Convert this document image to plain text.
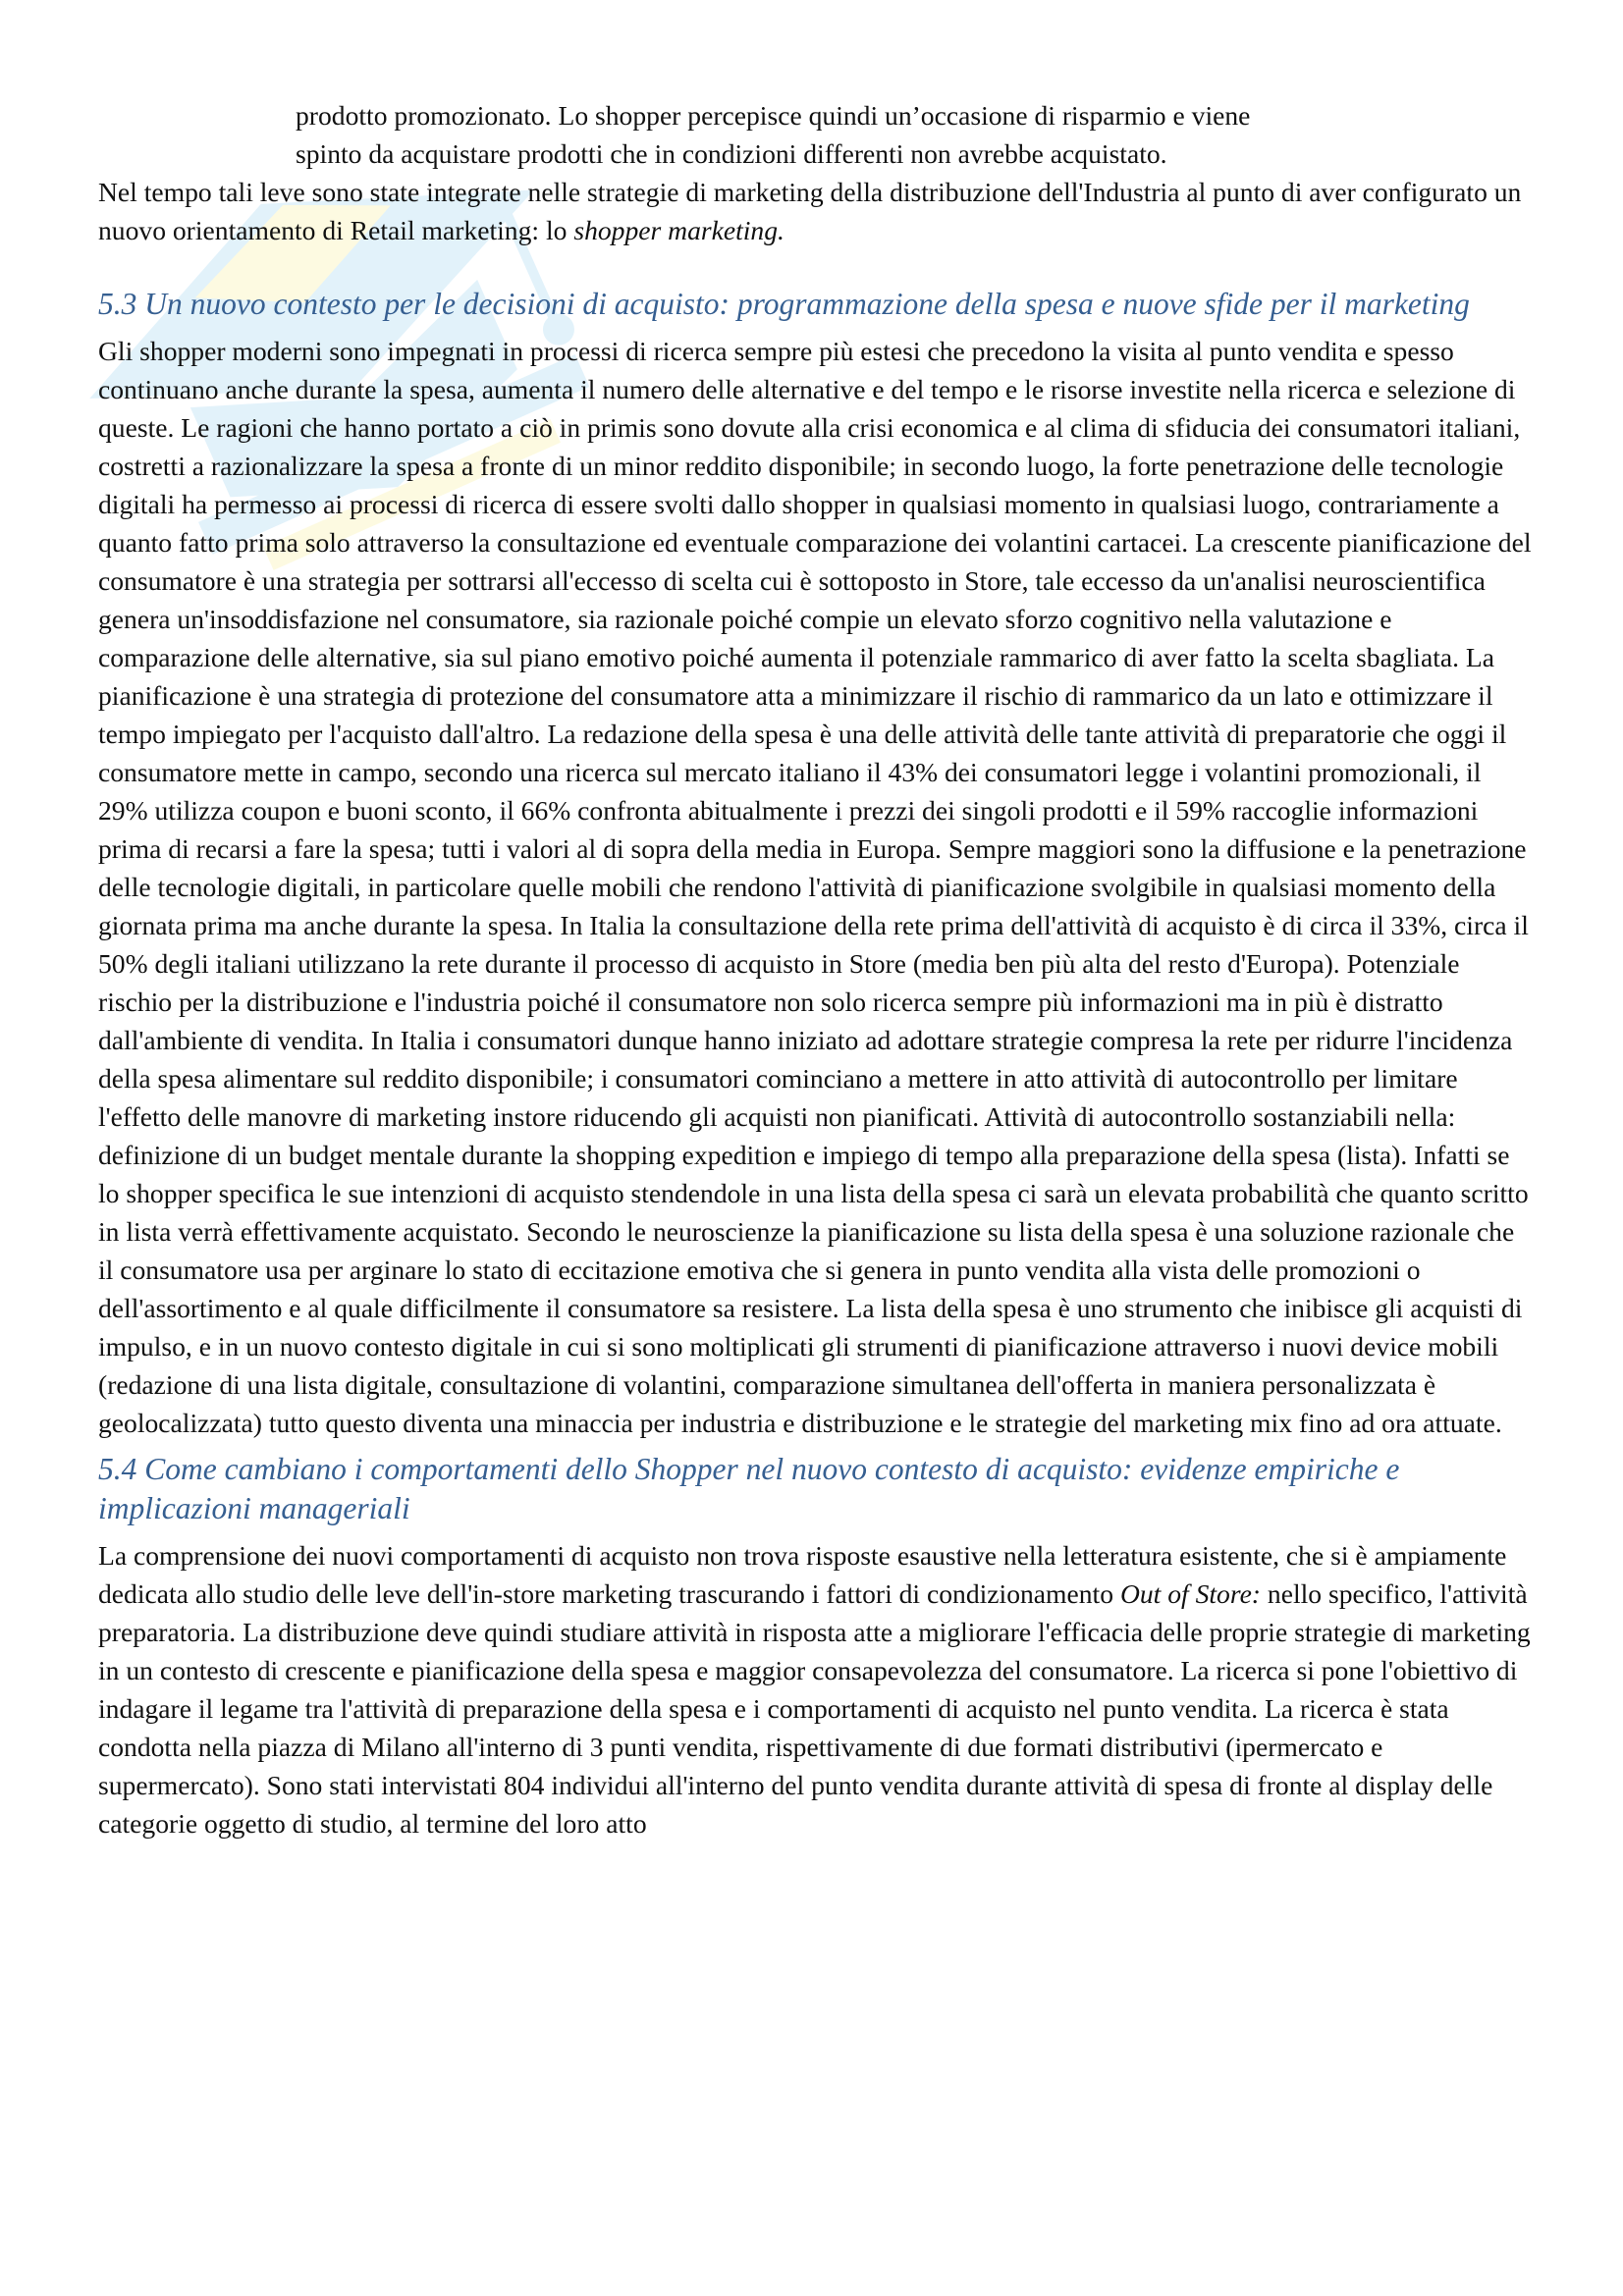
prodotto promozionato. Lo shopper percepisce quindi un’occasione di risparmio e viene

spinto da acquistare prodotti che in condizioni differenti non avrebbe acquistato.

Nel tempo tali leve sono state integrate nelle strategie di marketing della distribuzione dell'Industria al punto di aver configurato un nuovo orientamento di Retail marketing: lo shopper marketing.

5.3 Un nuovo contesto per le decisioni di acquisto: programmazione della spesa e nuove sfide per il marketing

Gli shopper moderni sono impegnati in processi di ricerca sempre più estesi che precedono la visita al punto vendita e spesso continuano anche durante la spesa, aumenta il numero delle alternative e del tempo e le risorse investite nella ricerca e selezione di queste. Le ragioni che hanno portato a ciò in primis sono dovute alla crisi economica e al clima di sfiducia dei consumatori italiani, costretti a razionalizzare la spesa a fronte di un minor reddito disponibile; in secondo luogo, la forte penetrazione delle tecnologie digitali ha permesso ai processi di ricerca di essere svolti dallo shopper in qualsiasi momento in qualsiasi luogo, contrariamente a quanto fatto prima solo attraverso la consultazione ed eventuale comparazione dei volantini cartacei. La crescente pianificazione del consumatore è una strategia per sottrarsi all'eccesso di scelta cui è sottoposto in Store, tale eccesso da un'analisi neuroscientifica genera un'insoddisfazione nel consumatore, sia razionale poiché compie un elevato sforzo cognitivo nella valutazione e comparazione delle alternative, sia sul piano emotivo poiché aumenta il potenziale rammarico di aver fatto la scelta sbagliata. La pianificazione è una strategia di protezione del consumatore atta a minimizzare il rischio di rammarico da un lato e ottimizzare il tempo impiegato per l'acquisto dall'altro. La redazione della spesa è una delle attività delle tante attività di preparatorie che oggi il consumatore mette in campo, secondo una ricerca sul mercato italiano il 43% dei consumatori legge i volantini promozionali, il 29% utilizza coupon e buoni sconto, il 66% confronta abitualmente i prezzi dei singoli prodotti e il 59% raccoglie informazioni prima di recarsi a fare la spesa; tutti i valori al di sopra della media in Europa. Sempre maggiori sono la diffusione e la penetrazione delle tecnologie digitali, in particolare quelle mobili che rendono l'attività di pianificazione svolgibile in qualsiasi momento della giornata prima ma anche durante la spesa. In Italia la consultazione della rete prima dell'attività di acquisto è di circa il 33%, circa il 50% degli italiani utilizzano la rete durante il processo di acquisto in Store (media ben più alta del resto d'Europa). Potenziale rischio per la distribuzione e l'industria poiché il consumatore non solo ricerca sempre più informazioni ma in più è distratto dall'ambiente di vendita. In Italia i consumatori dunque hanno iniziato ad adottare strategie compresa la rete per ridurre l'incidenza della spesa alimentare sul reddito disponibile; i consumatori cominciano a mettere in atto attività di autocontrollo per limitare l'effetto delle manovre di marketing instore riducendo gli acquisti non pianificati. Attività di autocontrollo sostanziabili nella: definizione di un budget mentale durante la shopping expedition e impiego di tempo alla preparazione della spesa (lista). Infatti se lo shopper specifica le sue intenzioni di acquisto stendendole in una lista della spesa ci sarà un elevata probabilità che quanto scritto in lista verrà effettivamente acquistato. Secondo le neuroscienze la pianificazione su lista della spesa è una soluzione razionale che il consumatore usa per arginare lo stato di eccitazione emotiva che si genera in punto vendita alla vista delle promozioni o dell'assortimento e al quale difficilmente il consumatore sa resistere. La lista della spesa è uno strumento che inibisce gli acquisti di impulso, e in un nuovo contesto digitale in cui si sono moltiplicati gli strumenti di pianificazione attraverso i nuovi device mobili (redazione di una lista digitale, consultazione di volantini, comparazione simultanea dell'offerta in maniera personalizzata è geolocalizzata) tutto questo diventa una minaccia per industria e distribuzione e le strategie del marketing mix fino ad ora attuate.

5.4 Come cambiano i comportamenti dello Shopper nel nuovo contesto di acquisto: evidenze empiriche e implicazioni manageriali

La comprensione dei nuovi comportamenti di acquisto non trova risposte esaustive nella letteratura esistente, che si è ampiamente dedicata allo studio delle leve dell'in-store marketing trascurando i fattori di condizionamento Out of Store: nello specifico, l'attività preparatoria. La distribuzione deve quindi studiare attività in risposta atte a migliorare l'efficacia delle proprie strategie di marketing in un contesto di crescente e pianificazione della spesa e maggior consapevolezza del consumatore. La ricerca si pone l'obiettivo di indagare il legame tra l'attività di preparazione della spesa e i comportamenti di acquisto nel punto vendita. La ricerca è stata condotta nella piazza di Milano all'interno di 3 punti vendita, rispettivamente di due formati distributivi (ipermercato e supermercato). Sono stati intervistati 804 individui all'interno del punto vendita durante attività di spesa di fronte al display delle categorie oggetto di studio, al termine del loro atto
